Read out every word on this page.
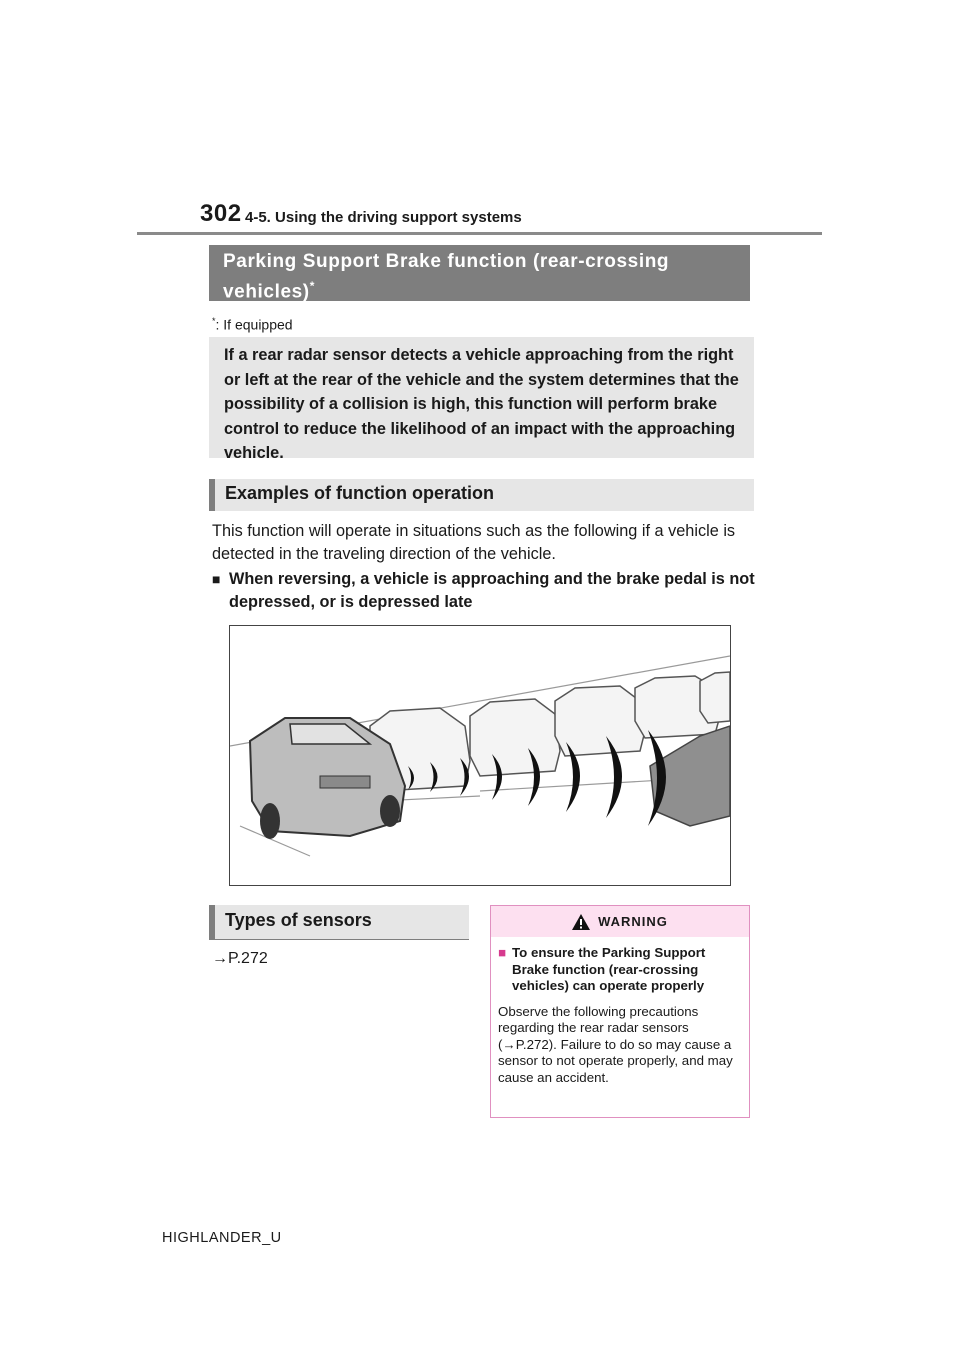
302 4-5. Using the driving support systems
Parking Support Brake function (rear-crossing vehicles)*
*: If equipped
If a rear radar sensor detects a vehicle approaching from the right or left at the rear of the vehicle and the system determines that the possibility of a collision is high, this function will perform brake control to reduce the likelihood of an impact with the approaching vehicle.
Examples of function operation
This function will operate in situations such as the following if a vehicle is detected in the traveling direction of the vehicle.
■ When reversing, a vehicle is approaching and the brake pedal is not depressed, or is depressed late
Types of sensors
→P.272
WARNING
■ To ensure the Parking Support Brake function (rear-crossing vehicles) can operate properly
Observe the following precautions regarding the rear radar sensors (→P.272). Failure to do so may cause a sensor to not operate properly, and may cause an accident.
HIGHLANDER_U
